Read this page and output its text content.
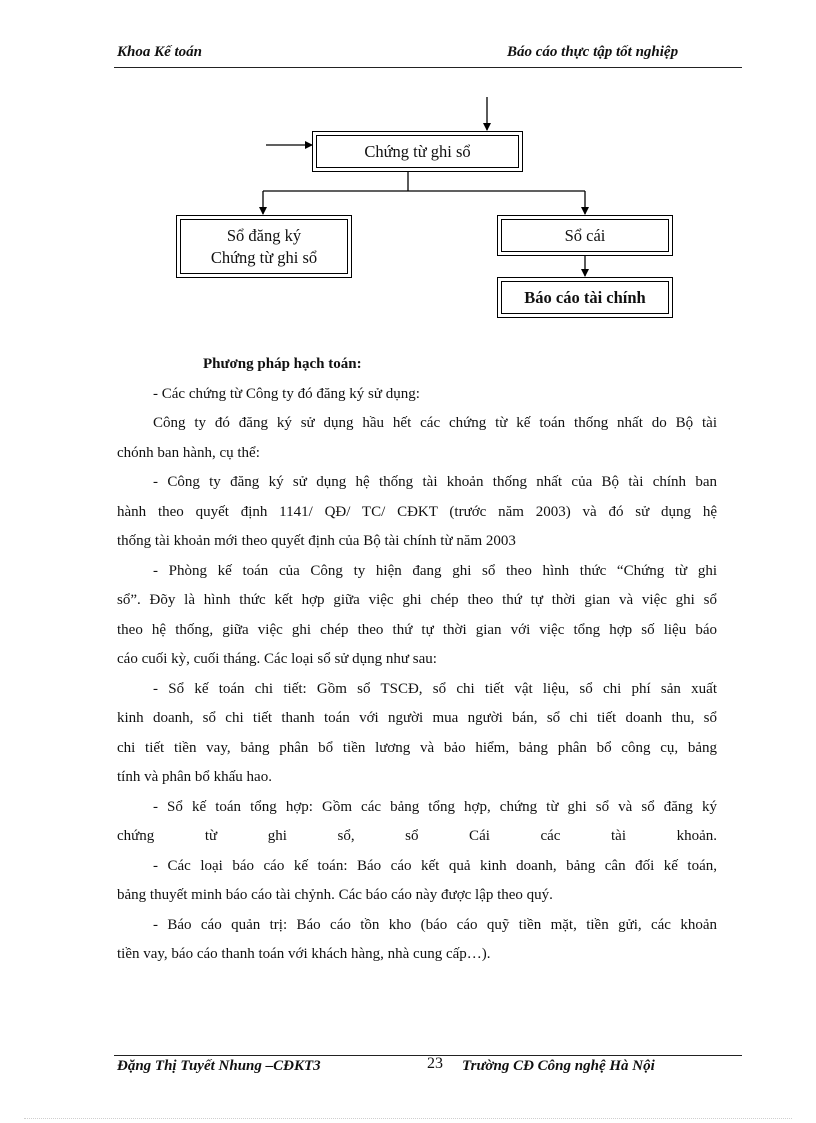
Khoa Kế toán	Báo cáo thực tập tốt nghiệp
Chứng từ ghi sổ
Sổ đăng ký
Chứng từ ghi sổ
Sổ cái
Báo cáo tài chính
Phương pháp hạch toán:
- Các chứng từ Công ty đó đăng ký sử dụng:
Công ty đó đăng ký sử dụng hầu hết các chứng từ kế toán thống nhất do Bộ tài
chónh ban hành, cụ thể:
- Công ty đăng ký sử dụng hệ thống tài khoản thống nhất của Bộ tài chính ban
hành theo quyết định 1141/ QĐ/ TC/ CĐKT (trước năm 2003) và đó sử dụng hệ
thống tài khoản mới theo quyết định của Bộ tài chính từ năm 2003
- Phòng kế toán của Công ty hiện đang ghi sổ theo hình thức “Chứng từ ghi
sổ”. Đõy là hình thức kết hợp giữa việc ghi chép theo thứ tự thời gian và việc ghi sổ
theo hệ thống, giữa việc ghi chép theo thứ tự thời gian với việc tổng hợp số liệu báo
cáo cuối kỳ, cuối tháng. Các loại sổ sử dụng như sau:
- Sổ kế toán chi tiết: Gồm sổ TSCĐ, sổ chi tiết vật liệu, sổ chi phí sản xuất
kinh doanh, sổ chi tiết thanh toán với người mua người bán, sổ chi tiết doanh thu, sổ
chi tiết tiền vay, bảng phân bổ tiền lương và bảo hiểm, bảng phân bổ công cụ, bảng
tính và phân bổ khấu hao.
- Sổ kế toán tổng hợp: Gồm các bảng tổng hợp, chứng từ ghi sổ và sổ đăng ký
chứng từ ghi sổ, sổ Cái các tài khoản.
- Các loại báo cáo kế toán: Báo cáo kết quả kinh doanh, bảng cân đối kế toán,
bảng thuyết minh báo cáo tài chỷnh. Các báo cáo này được lập theo quý.
- Báo cáo quản trị: Báo cáo tồn kho (báo cáo quỹ tiền mặt, tiền gửi, các khoản
tiền vay, báo cáo thanh toán với khách hàng, nhà cung cấp…).
Đặng Thị Tuyết Nhung –CĐKT3	23 Trường CĐ Công nghệ Hà Nội
